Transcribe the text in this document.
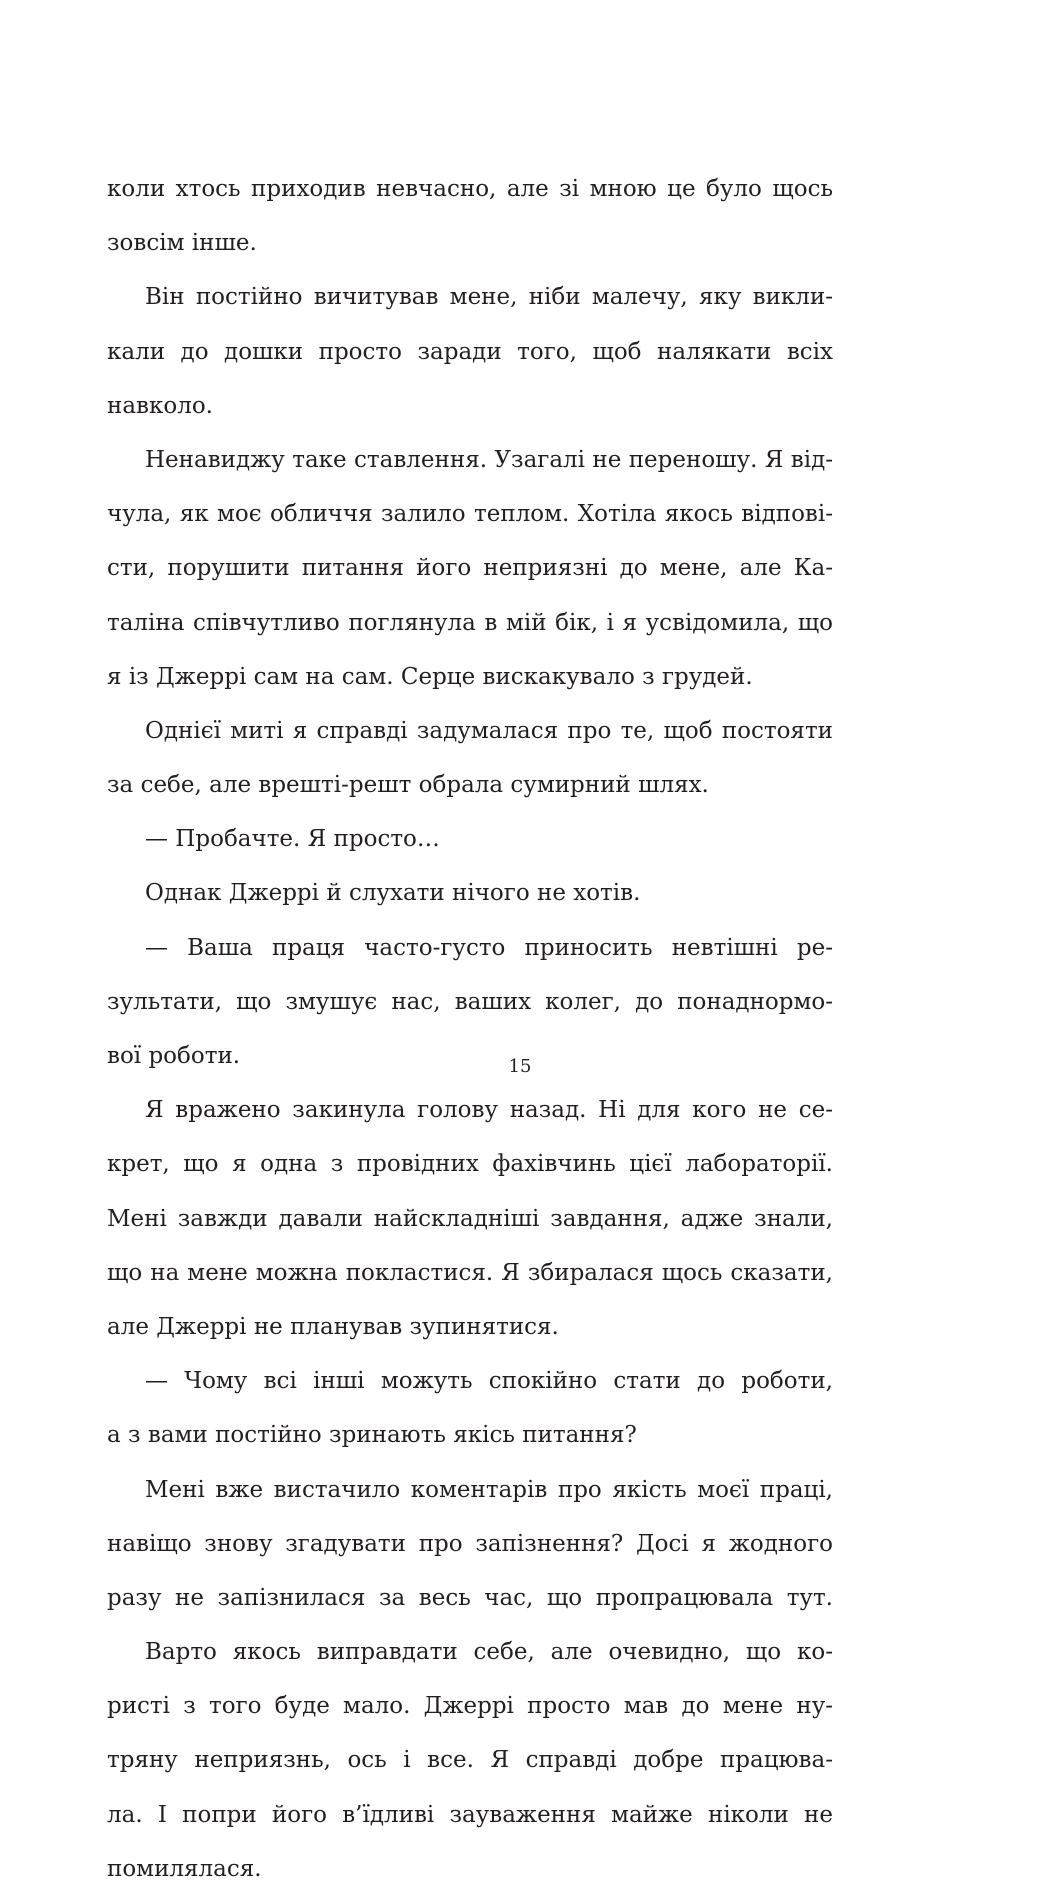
коли хтось приходив невчасно, але зі мною це було щось
зовсім інше.
Він постійно вичитував мене, ніби малечу, яку викли-
кали до дошки просто заради того, щоб налякати всіх
навколо.
Ненавиджу таке ставлення. Узагалі не переношу. Я від-
чула, як моє обличчя залило теплом. Хотіла якось відпові-
сти, порушити питання його неприязні до мене, але Ка-
таліна співчутливо поглянула в мій бік, і я усвідомила, що
я із Джеррі сам на сам. Серце вискакувало з грудей.
Однієї миті я справді задумалася про те, щоб постояти
за себе, але врешті-решт обрала сумирний шлях.
— Пробачте. Я просто…
Однак Джеррі й слухати нічого не хотів.
— Ваша праця часто-густо приносить невтішні ре-
зультати, що змушує нас, ваших колег, до понаднормо-
вої роботи.
Я вражено закинула голову назад. Ні для кого не се-
крет, що я одна з провідних фахівчинь цієї лабораторії.
Мені завжди давали найскладніші завдання, адже знали,
що на мене можна покластися. Я збиралася щось сказати,
але Джеррі не планував зупинятися.
— Чому всі інші можуть спокійно стати до роботи,
а з вами постійно зринають якісь питання?
Мені вже вистачило коментарів про якість моєї праці,
навіщо знову згадувати про запізнення? Досі я жодного
разу не запізнилася за весь час, що пропрацювала тут.
Варто якось виправдати себе, але очевидно, що ко-
ристі з того буде мало. Джеррі просто мав до мене ну-
тряну неприязнь, ось і все. Я справді добре працюва-
ла. І попри його в’їдливі зауваження майже ніколи не
помилялася.
15
